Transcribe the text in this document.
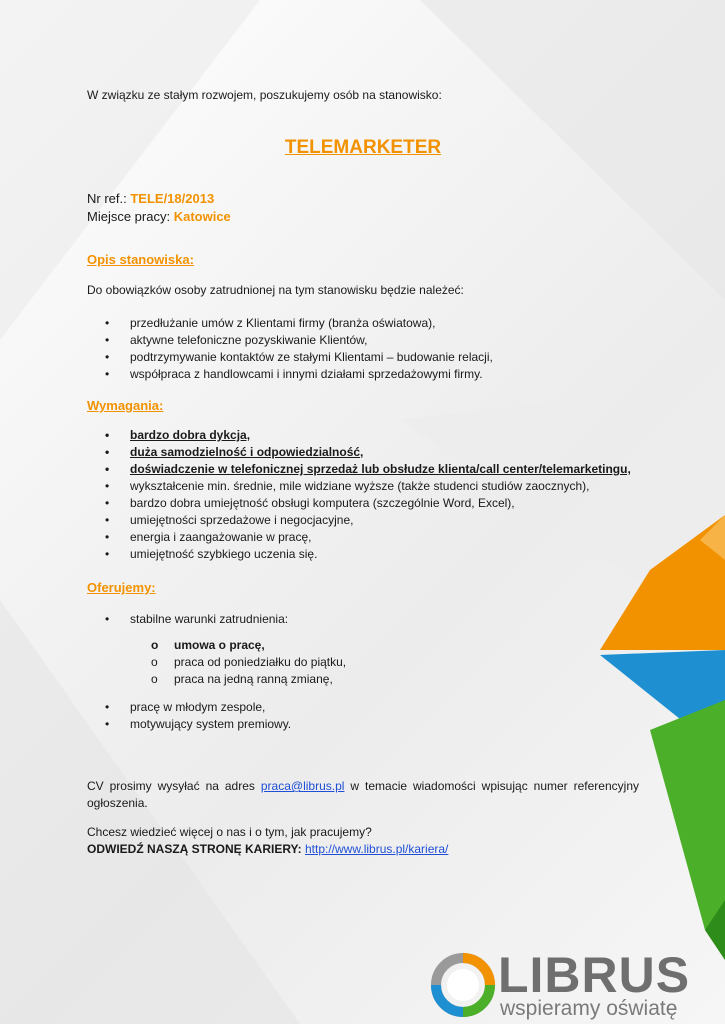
W związku ze stałym rozwojem, poszukujemy osób na stanowisko:
TELEMARKETER
Nr ref.: TELE/18/2013
Miejsce pracy: Katowice
Opis stanowiska:
Do obowiązków osoby zatrudnionej na tym stanowisku będzie należeć:
• przedłużanie umów z Klientami firmy (branża oświatowa),
• aktywne telefoniczne pozyskiwanie Klientów,
• podtrzymywanie kontaktów ze stałymi Klientami – budowanie relacji,
• współpraca z handlowcami i innymi działami sprzedażowymi firmy.
Wymagania:
• bardzo dobra dykcja,
• duża samodzielność i odpowiedzialność,
• doświadczenie w telefonicznej sprzedaż lub obsłudze klienta/call center/telemarketingu,
• wykształcenie min. średnie, mile widziane wyższe (także studenci studiów zaocznych),
• bardzo dobra umiejętność obsługi komputera (szczególnie Word, Excel),
• umiejętności sprzedażowe i negocjacyjne,
• energia i zaangażowanie w pracę,
• umiejętność szybkiego uczenia się.
Oferujemy:
• stabilne warunki zatrudnienia:
o umowa o pracę,
o praca od poniedziałku do piątku,
o praca na jedną ranną zmianę,
• pracę w młodym zespole,
• motywujący system premiowy.
CV prosimy wysyłać na adres praca@librus.pl w temacie wiadomości wpisując numer referencyjny ogłoszenia.
Chcesz wiedzieć więcej o nas i o tym, jak pracujemy?
ODWIEDŹ NASZĄ STRONĘ KARIERY: http://www.librus.pl/kariera/
LIBRUS
wspieramy oświatę
